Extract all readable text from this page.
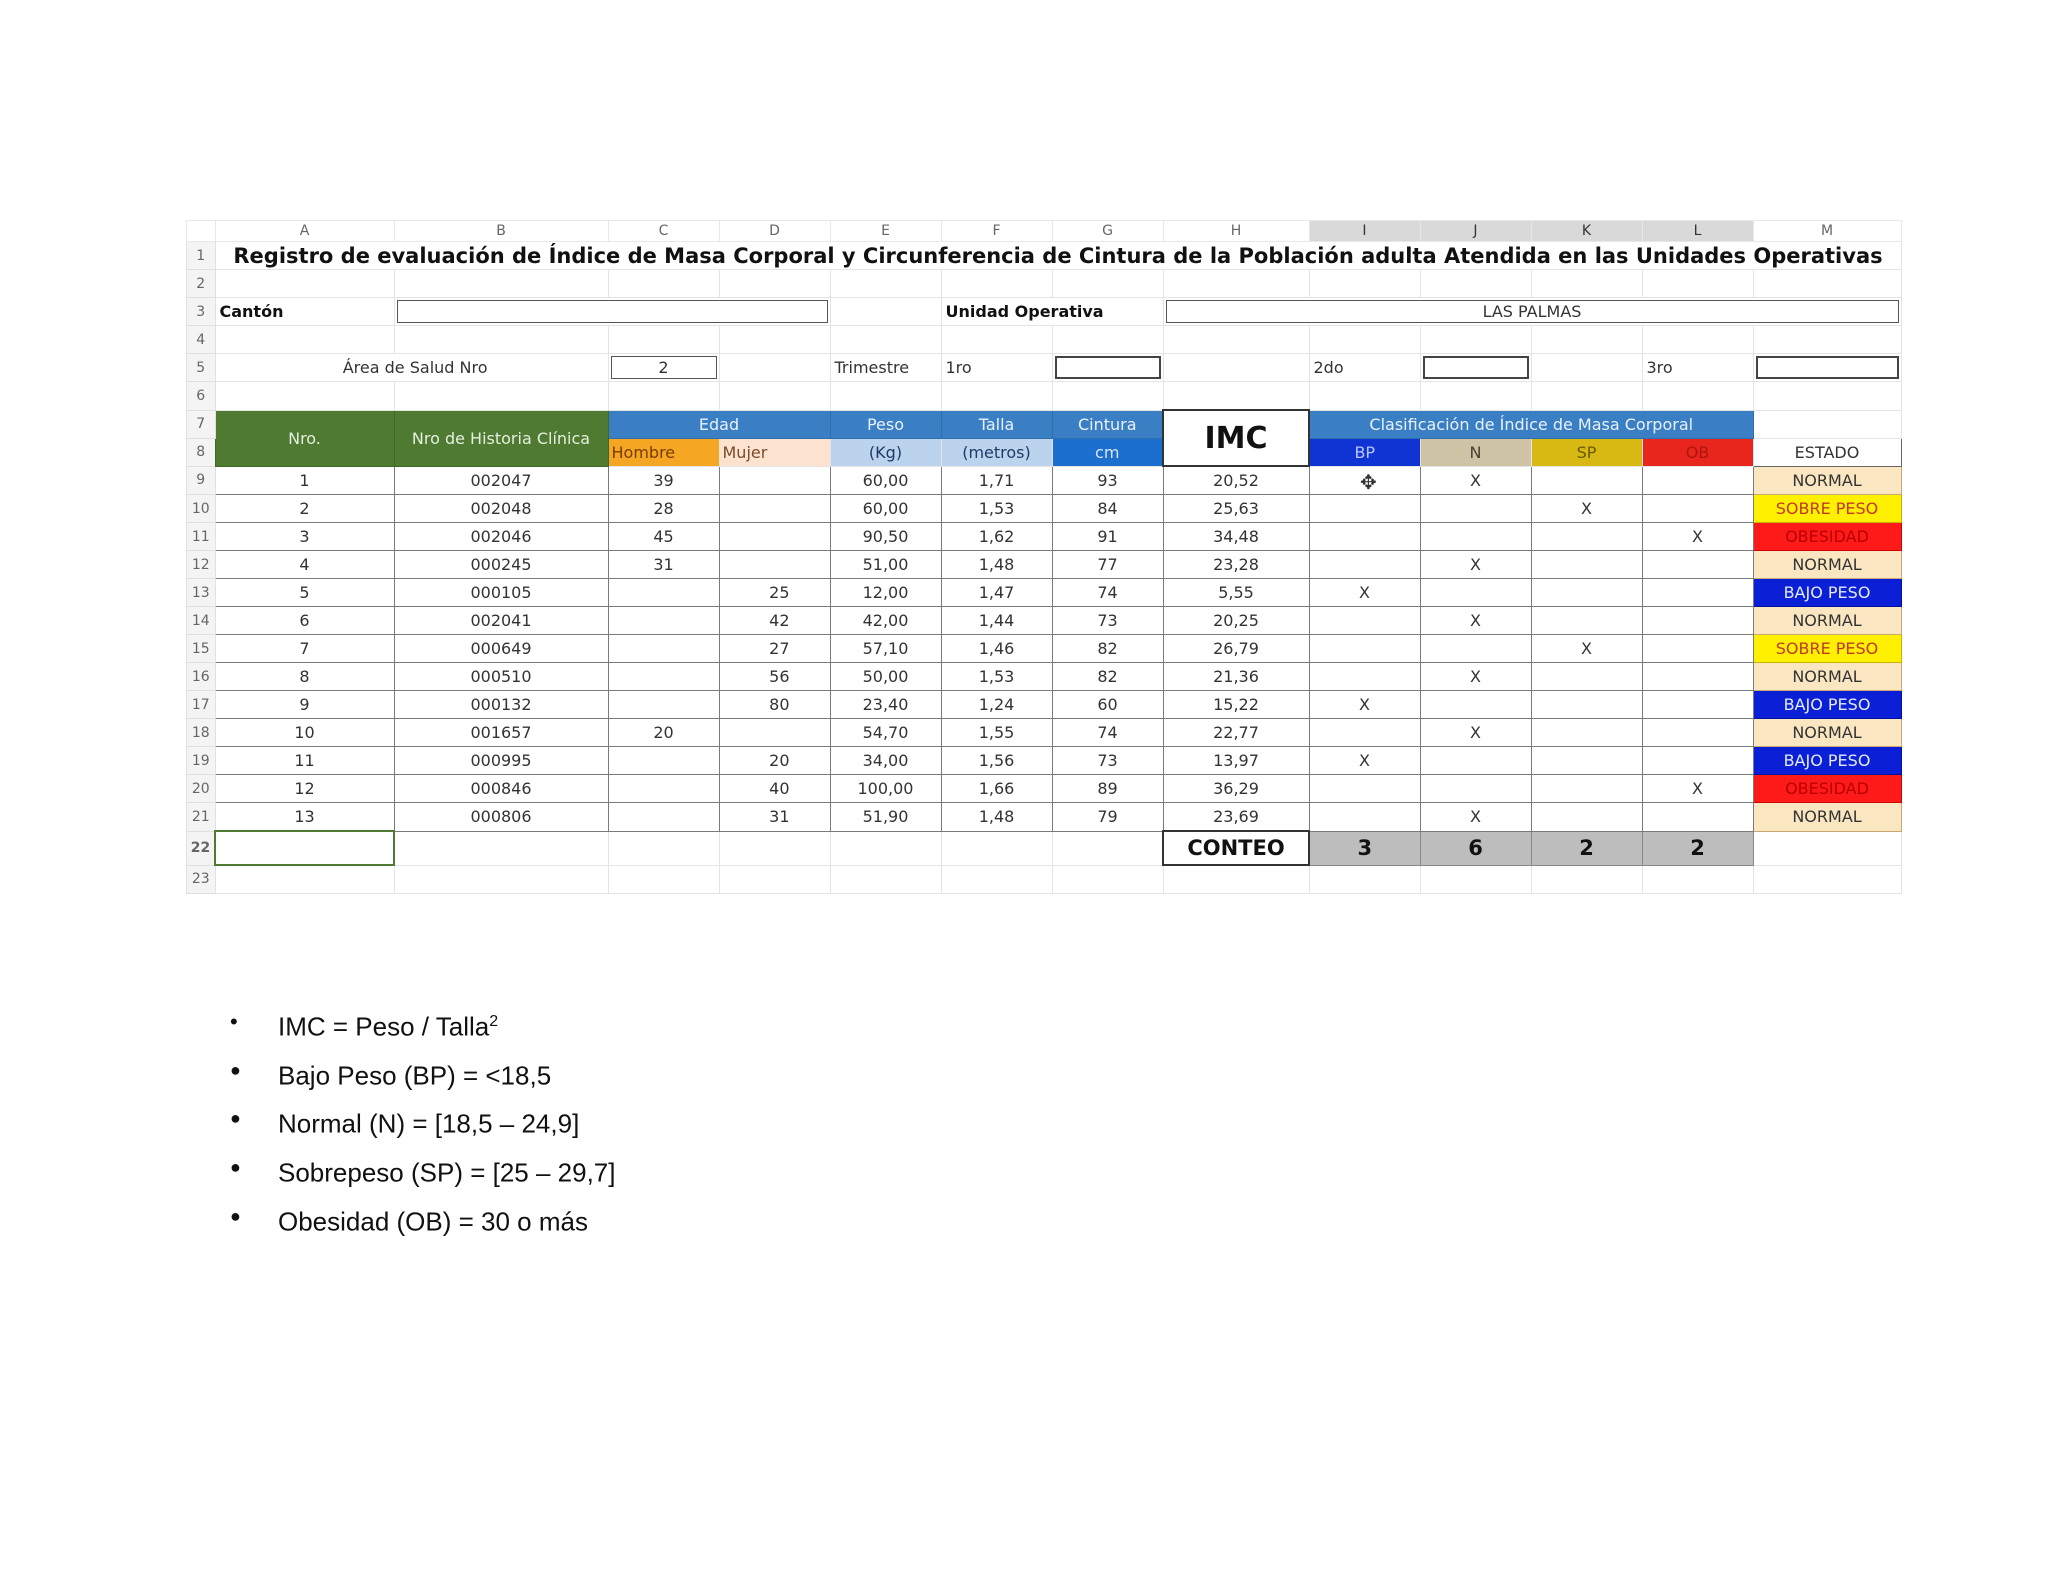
	A	B	C	D	E	F	G	H	I	J	K	L	M
1	Registro de evaluación de Índice de Masa Corporal y Circunferencia de Cintura de la Población adulta Atendida en las Unidades Operativas												
2													
3	Cantón					Unidad Operativa		LAS PALMAS					

4													
5	Área de Salud Nro		2		Trimestre	1ro			2do			3ro	

6													
7	Nro.	Nro de Historia Clínica	Edad		Peso	Talla	Cintura	IMC	Clasificación de Índice de Masa Corporal				
8			Hombre	Mujer	(Kg)	(metros)	cm		BP	N	SP	OB	ESTADO
9	1	002047	39		60,00	1,71	93	20,52		X			NORMAL
10	2	002048	28		60,00	1,53	84	25,63			X		SOBRE PESO
11	3	002046	45		90,50	1,62	91	34,48				X	OBESIDAD
12	4	000245	31		51,00	1,48	77	23,28		X			NORMAL
13	5	000105		25	12,00	1,47	74	5,55	X				BAJO PESO
14	6	002041		42	42,00	1,44	73	20,25		X			NORMAL
15	7	000649		27	57,10	1,46	82	26,79			X		SOBRE PESO
16	8	000510		56	50,00	1,53	82	21,36		X			NORMAL
17	9	000132		80	23,40	1,24	60	15,22	X				BAJO PESO
18	10	001657	20		54,70	1,55	74	22,77		X			NORMAL
19	11	000995		20	34,00	1,56	73	13,97	X				BAJO PESO
20	12	000846		40	100,00	1,66	89	36,29				X	OBESIDAD
21	13	000806		31	51,90	1,48	79	23,69		X			NORMAL
22								CONTEO	3	6	2	2	
23													
✥
• IMC = Peso / Talla$^2$
● Bajo Peso (BP) = <18,5
● Normal (N) = [18,5 – 24,9]
● Sobrepeso (SP) = [25 – 29,7]
● Obesidad (OB) = 30 o más
